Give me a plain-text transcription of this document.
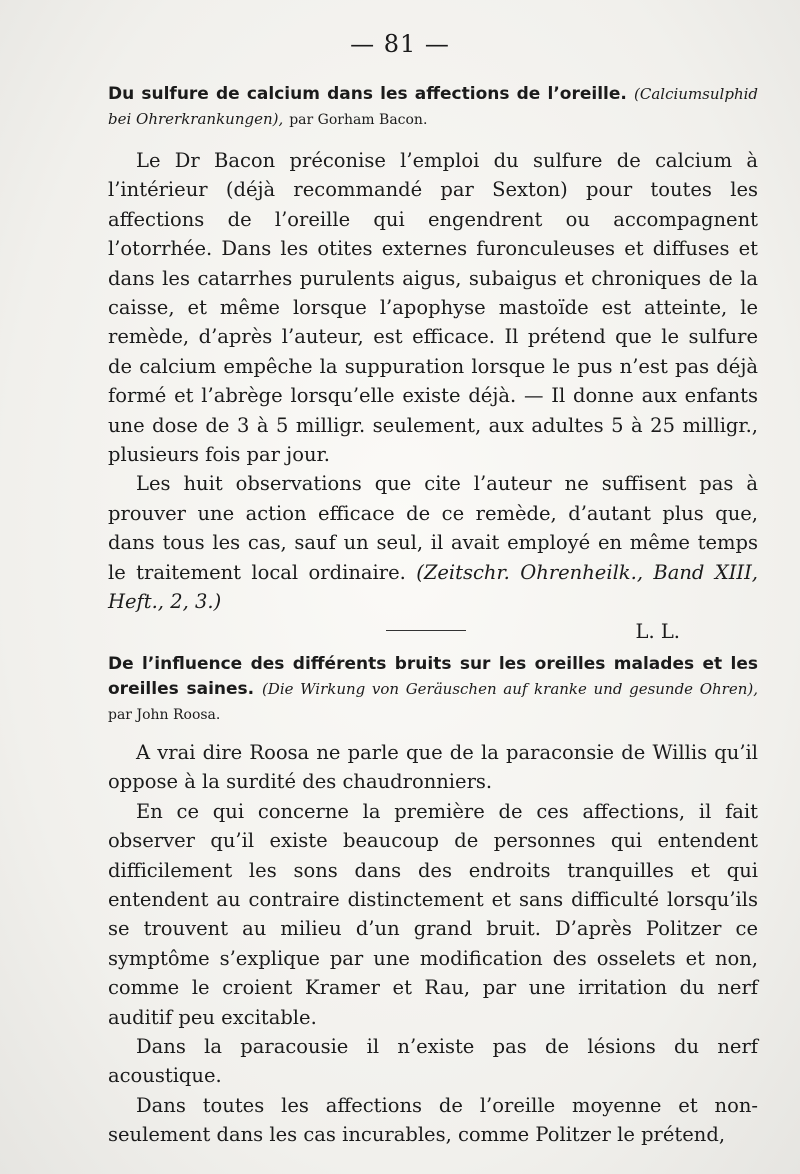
— 81 —
Du sulfure de calcium dans les affections de l’oreille. (Calciumsulphid bei Ohrerkrankungen), par Gorham Bacon.

Le Dr Bacon préconise l’emploi du sulfure de calcium à l’intérieur (déjà recommandé par Sexton) pour toutes les affections de l’oreille qui engendrent ou accompagnent l’otorrhée. Dans les otites externes furonculeuses et diffuses et dans les catarrhes purulents aigus, subaigus et chroniques de la caisse, et même lorsque l’apophyse mastoïde est atteinte, le remède, d’après l’auteur, est efficace. Il prétend que le sulfure de calcium empêche la suppuration lorsque le pus n’est pas déjà formé et l’abrège lorsqu’elle existe déjà. — Il donne aux enfants une dose de 3 à 5 milligr. seulement, aux adultes 5 à 25 milligr., plusieurs fois par jour.

Les huit observations que cite l’auteur ne suffisent pas à prouver une action efficace de ce remède, d’autant plus que, dans tous les cas, sauf un seul, il avait employé en même temps le traitement local ordinaire. (Zeitschr. Ohrenheilk., Band XIII, Heft., 2, 3.)

L. L.

De l’influence des différents bruits sur les oreilles malades et les oreilles saines. (Die Wirkung von Geräuschen auf kranke und gesunde Ohren), par John Roosa.

A vrai dire Roosa ne parle que de la paraconsie de Willis qu’il oppose à la surdité des chaudronniers.

En ce qui concerne la première de ces affections, il fait observer qu’il existe beaucoup de personnes qui entendent difficilement les sons dans des endroits tranquilles et qui entendent au contraire distinctement et sans difficulté lorsqu’ils se trouvent au milieu d’un grand bruit. D’après Politzer ce symptôme s’explique par une modification des osselets et non, comme le croient Kramer et Rau, par une irritation du nerf auditif peu excitable.

Dans la paracousie il n’existe pas de lésions du nerf acoustique.

Dans toutes les affections de l’oreille moyenne et non-seulement dans les cas incurables, comme Politzer le prétend,
